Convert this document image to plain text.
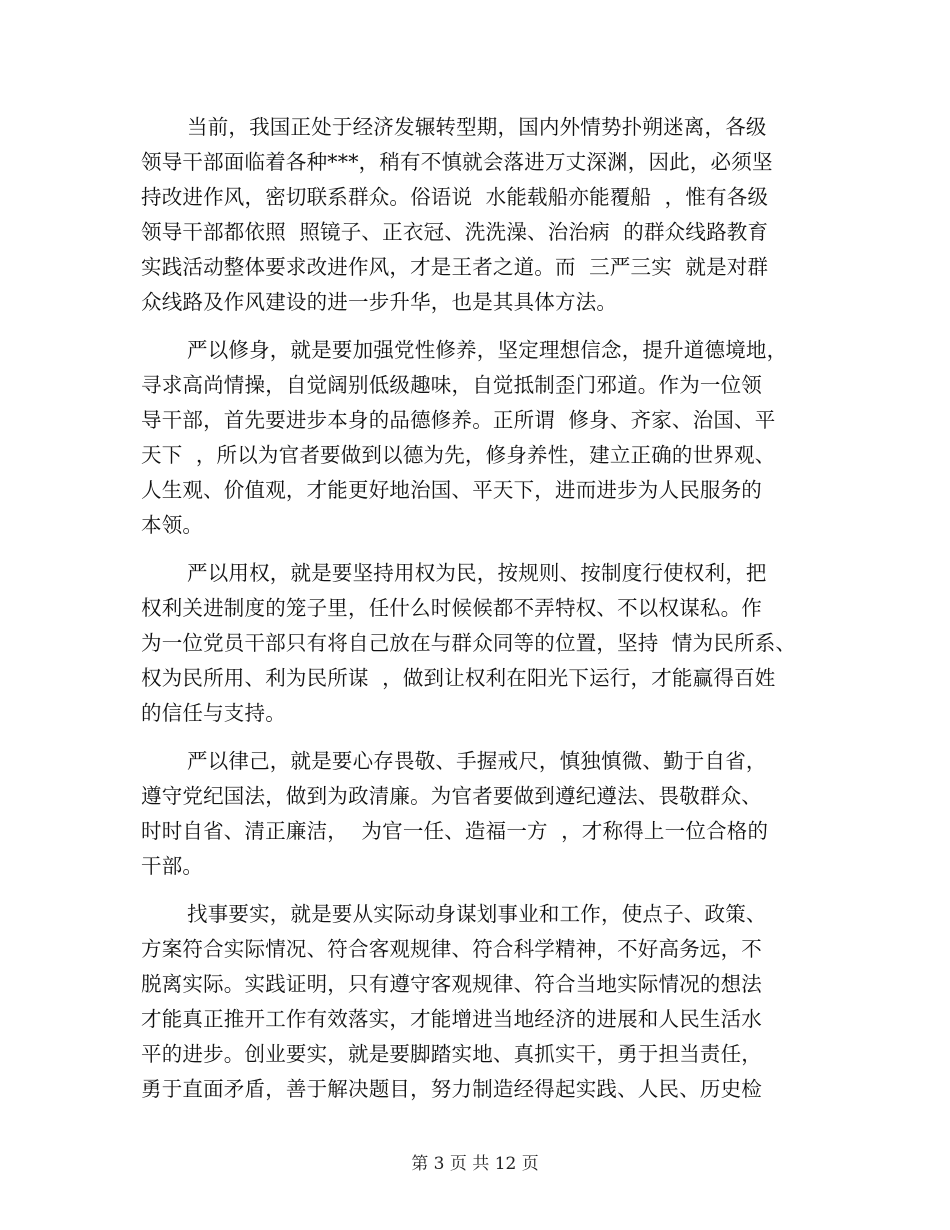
当前，我国正处于经济发辗转型期，国内外情势扑朔迷离，各级
领导干部面临着各种***，稍有不慎就会落进万丈深渊，因此，必须坚
持改进作风，密切联系群众。俗语说  水能载船亦能覆船  ，惟有各级
领导干部都依照  照镜子、正衣冠、洗洗澡、治治病  的群众线路教育
实践活动整体要求改进作风，才是王者之道。而  三严三实  就是对群
众线路及作风建设的进一步升华，也是其具体方法。
严以修身，就是要加强党性修养，坚定理想信念，提升道德境地，
寻求高尚情操，自觉阔别低级趣味，自觉抵制歪门邪道。作为一位领
导干部，首先要进步本身的品德修养。正所谓  修身、齐家、治国、平
天下  ，所以为官者要做到以德为先，修身养性，建立正确的世界观、
人生观、价值观，才能更好地治国、平天下，进而进步为人民服务的
本领。
严以用权，就是要坚持用权为民，按规则、按制度行使权利，把
权利关进制度的笼子里，任什么时候候都不弄特权、不以权谋私。作
为一位党员干部只有将自己放在与群众同等的位置，坚持  情为民所系、
权为民所用、利为民所谋  ，做到让权利在阳光下运行，才能赢得百姓
的信任与支持。
严以律己，就是要心存畏敬、手握戒尺，慎独慎微、勤于自省，
遵守党纪国法，做到为政清廉。为官者要做到遵纪遵法、畏敬群众、
时时自省、清正廉洁，  为官一任、造福一方  ，才称得上一位合格的
干部。
找事要实，就是要从实际动身谋划事业和工作，使点子、政策、
方案符合实际情况、符合客观规律、符合科学精神，不好高务远，不
脱离实际。实践证明，只有遵守客观规律、符合当地实际情况的想法
才能真正推开工作有效落实，才能增进当地经济的进展和人民生活水
平的进步。创业要实，就是要脚踏实地、真抓实干，勇于担当责任，
勇于直面矛盾，善于解决题目，努力制造经得起实践、人民、历史检
第 3 页 共 12 页
